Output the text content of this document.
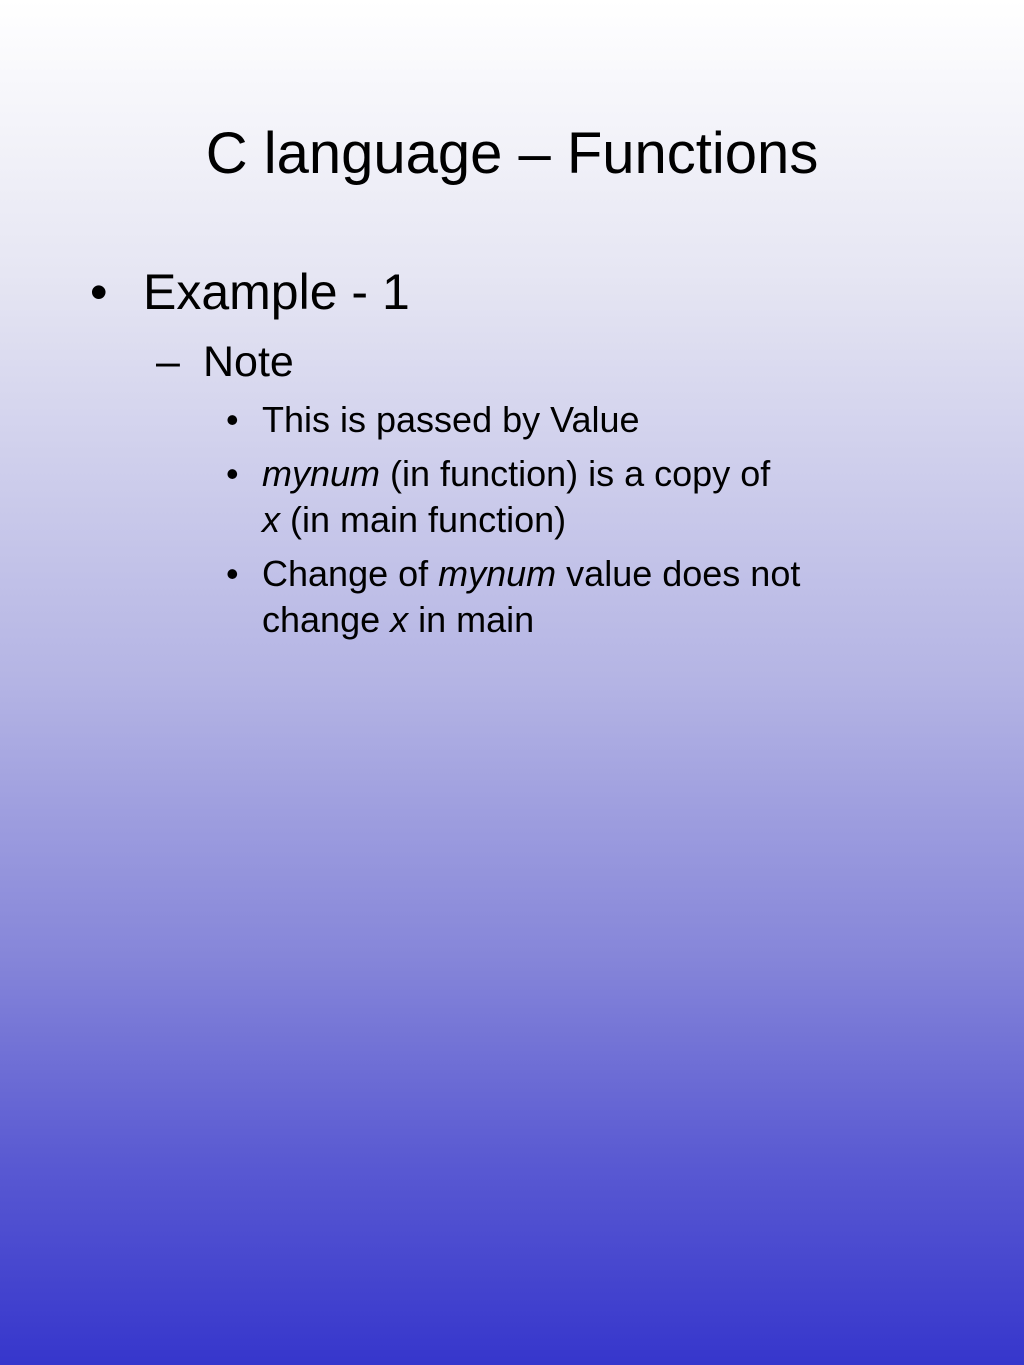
C language – Functions
• Example - 1
– Note
• This is passed by Value
• mynum (in function) is a copy of
x (in main function)
• Change of mynum value does not
change x in main
